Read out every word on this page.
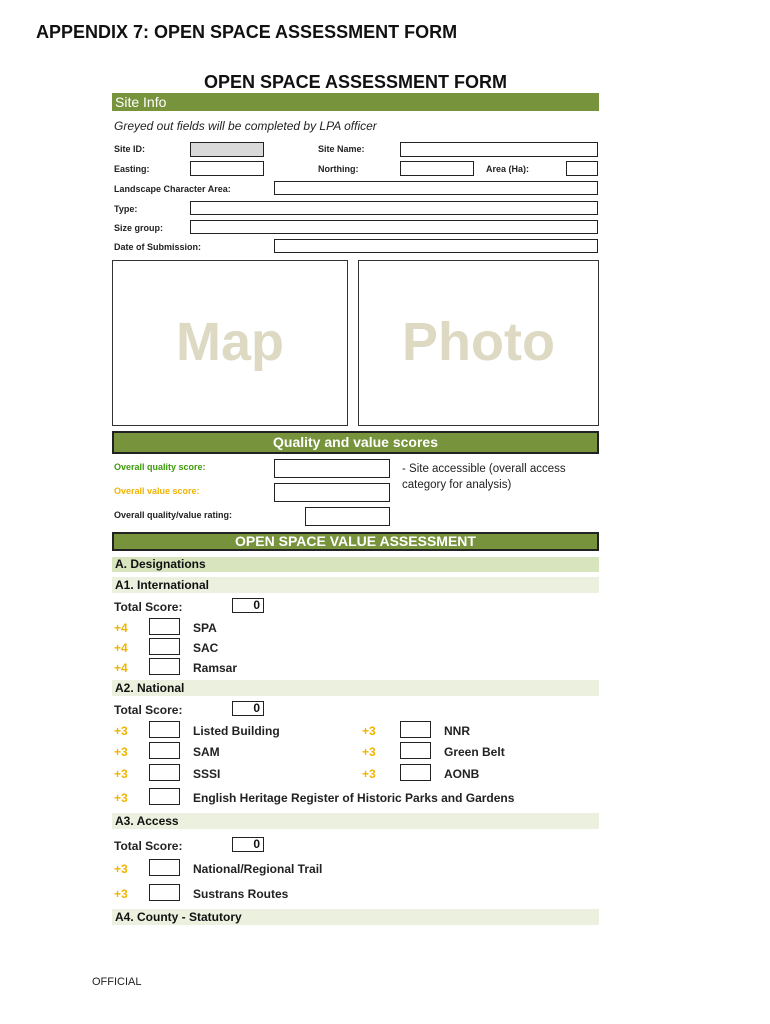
APPENDIX 7: OPEN SPACE ASSESSMENT FORM
OPEN SPACE ASSESSMENT FORM
Site Info
Greyed out fields will be completed by LPA officer
Site ID:	Site Name:
Easting:	Northing:	Area (Ha):
Landscape Character Area:
Type:
Size group:
Date of Submission:
Map	Photo
Quality and value scores
Overall quality score:
Overall value score:
- Site accessible (overall access category for analysis)
Overall quality/value rating:
OPEN SPACE VALUE ASSESSMENT
A. Designations
A1. International
Total Score:	0
+4	SPA
+4	SAC
+4	Ramsar
A2. National
Total Score:	0
+3	Listed Building	+3	NNR
+3	SAM	+3	Green Belt
+3	SSSI	+3	AONB
+3	English Heritage Register of Historic Parks and Gardens
A3. Access
Total Score:	0
+3	National/Regional Trail
+3	Sustrans Routes
A4. County - Statutory
OFFICIAL
